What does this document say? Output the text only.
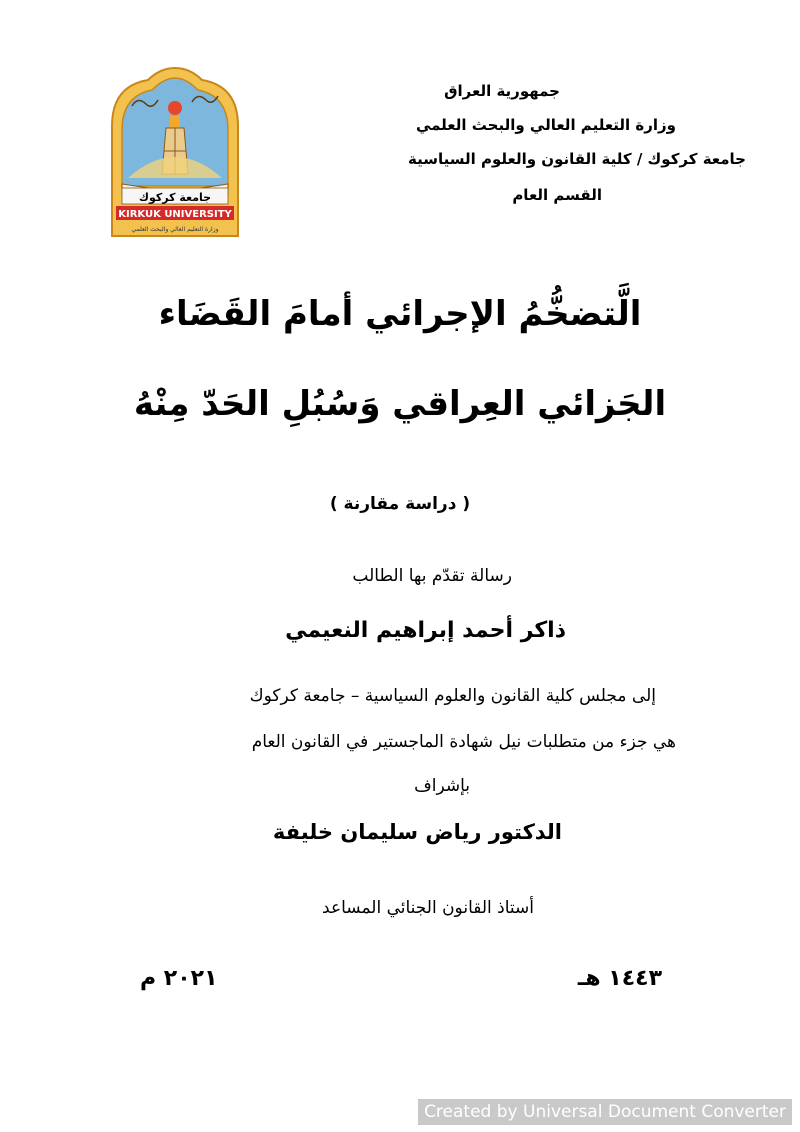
جمهورية العراق
وزارة التعليم العالي والبحث العلمي
جامعة كركوك / كلية القانون والعلوم السياسية
القسم العام
جامعة كركوك
KIRKUK UNIVERSITY
وزارة التعليم العالي والبحث العلمي
الَّتضخُّمُ الإجرائي أمامَ القَضَاء
الجَزائي العِراقي وَسُبُلِ الحَدّ مِنْهُ
( دراسة مقارنة )
رسالة تقدّم بها الطالب
ذاكر أحمد إبراهيم النعيمي
إلى مجلس كلية القانون والعلوم السياسية – جامعة كركوك
هي جزء من متطلبات نيل شهادة الماجستير في القانون العام
بإشراف
الدكتور رياض سليمان خليفة
أستاذ القانون الجنائي المساعد
١٤٤٣ هـ
٢٠٢١ م
Created by Universal Document Converter
